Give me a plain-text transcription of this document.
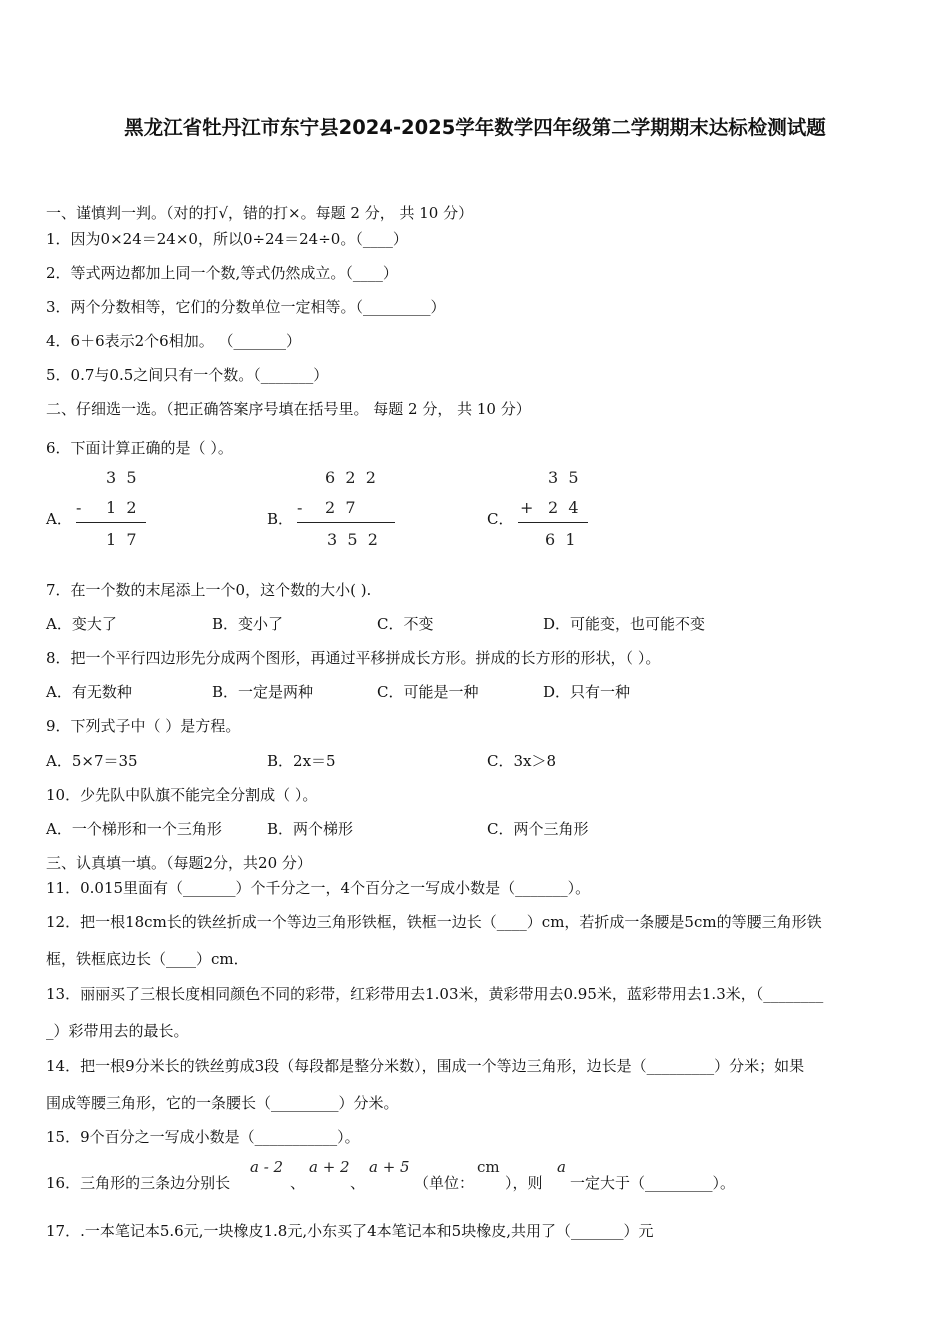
黑龙江省牡丹江市东宁县2024-2025学年数学四年级第二学期期末达标检测试题
一、谨慎判一判。（对的打√，错的打×。每题 2 分， 共 10 分）
1．因为0×24＝24×0，所以0÷24＝24÷0。（____）
2．等式两边都加上同一个数,等式仍然成立。（____）
3．两个分数相等，它们的分数单位一定相等。（_________）
4．6＋6表示2个6相加。 （_______）
5．0.7与0.5之间只有一个数。（_______）
二、仔细选一选。（把正确答案序号填在括号里。 每题 2 分， 共 10 分）
6．下面计算正确的是（ ）。
A．
3  5
- 1  2
1  7
B．
6  2  2
- 2  7
3  5  2
C．
3  5
+ 2  4
6  1
7．在一个数的末尾添上一个0，这个数的大小( ).
A．变大了	B．变小了	C．不变	D．可能变，也可能不变
8．把一个平行四边形先分成两个图形，再通过平移拼成长方形。拼成的长方形的形状，（ ）。
A．有无数种	B．一定是两种	C．可能是一种	D．只有一种
9．下列式子中（ ）是方程。
A．5×7＝35	B．2x＝5	C．3x＞8
10．少先队中队旗不能完全分割成（ ）。
A．一个梯形和一个三角形	B．两个梯形	C．两个三角形
三、认真填一填。（每题2分，共20 分）
11．0.015里面有（_______）个千分之一，4个百分之一写成小数是（_______）。
12．把一根18cm长的铁丝折成一个等边三角形铁框，铁框一边长（____）cm，若折成一条腰是5cm的等腰三角形铁
框，铁框底边长（____）cm．
13．丽丽买了三根长度相同颜色不同的彩带，红彩带用去1.03米，黄彩带用去0.95米，蓝彩带用去1.3米，（________
_）彩带用去的最长。
14．把一根9分米长的铁丝剪成3段（每段都是整分米数），围成一个等边三角形，边长是（_________）分米；如果
围成等腰三角形，它的一条腰长（_________）分米。
15．9个百分之一写成小数是（___________）。
16．三角形的三条边分别长
a - 2
、
a + 2
、
a + 5
（单位：
cm
），则
a
一定大于（_________）。
17．.一本笔记本5.6元,一块橡皮1.8元,小东买了4本笔记本和5块橡皮,共用了（_______）元
